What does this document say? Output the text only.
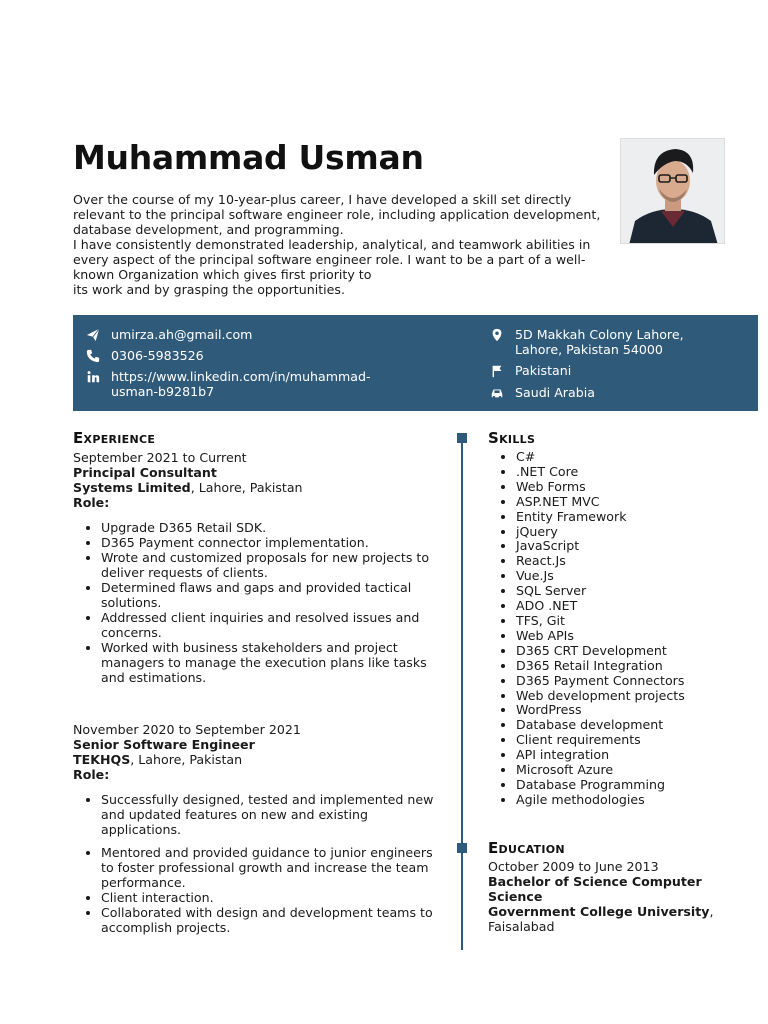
Muhammad Usman

Over the course of my 10-year-plus career, I have developed a skill set directly relevant to the principal software engineer role, including application development, database development, and programming.

I have consistently demonstrated leadership, analytical, and teamwork abilities in every aspect of the principal software engineer role. I want to be a part of a well-known Organization which gives first priority to

its work and by grasping the opportunities.

umirza.ah@gmail.com
0306-5983526
https://www.linkedin.com/in/muhammad-usman-b9281b7
5D Makkah Colony Lahore, Lahore, Pakistan 54000
Pakistani
Saudi Arabia
Experience

September 2021 to Current

Principal Consultant

Systems Limited, Lahore, Pakistan

Role:

• Upgrade D365 Retail SDK.
• D365 Payment connector implementation.
• Wrote and customized proposals for new projects to deliver requests of clients.
• Determined flaws and gaps and provided tactical solutions.
• Addressed client inquiries and resolved issues and concerns.
• Worked with business stakeholders and project managers to manage the execution plans like tasks and estimations.

November 2020 to September 2021

Senior Software Engineer

TEKHQS, Lahore, Pakistan

Role:

• Successfully designed, tested and implemented new and updated features on new and existing applications.
• Mentored and provided guidance to junior engineers to foster professional growth and increase the team performance.
• Client interaction.
• Collaborated with design and development teams to accomplish projects.
Skills
• C#
• .NET Core
• Web Forms
• ASP.NET MVC
• Entity Framework
• jQuery
• JavaScript
• React.Js
• Vue.Js
• SQL Server
• ADO .NET
• TFS, Git
• Web APIs
• D365 CRT Development
• D365 Retail Integration
• D365 Payment Connectors
• Web development projects
• WordPress
• Database development
• Client requirements
• API integration
• Microsoft Azure
• Database Programming
• Agile methodologies
Education

October 2009 to June 2013

Bachelor of Science Computer Science

Government College University, Faisalabad
